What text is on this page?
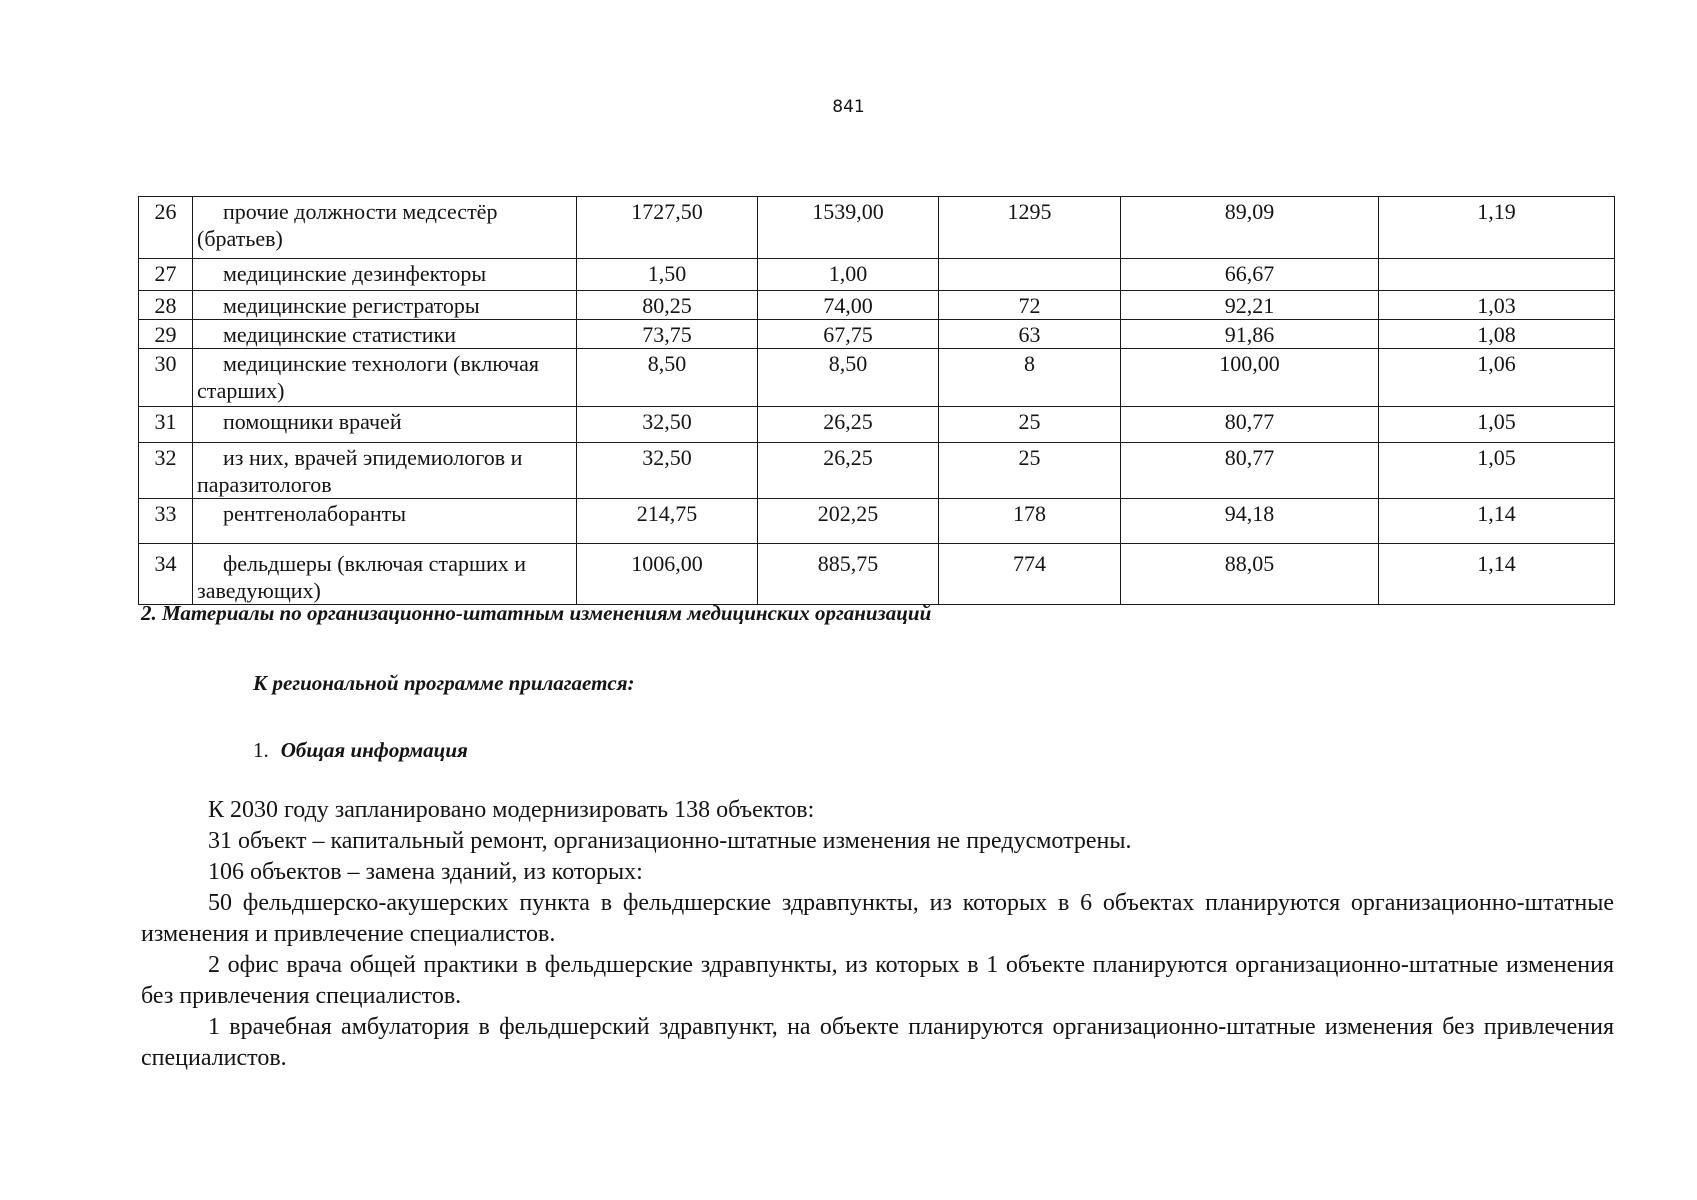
841
26	прочие должности медсестёр (братьев)	1727,50	1539,00	1295	89,09	1,19
27	медицинские дезинфекторы	1,50	1,00		66,67	
28	медицинские регистраторы	80,25	74,00	72	92,21	1,03
29	медицинские статистики	73,75	67,75	63	91,86	1,08
30	медицинские технологи (включая старших)	8,50	8,50	8	100,00	1,06
31	помощники врачей	32,50	26,25	25	80,77	1,05
32	из них, врачей эпидемиологов и паразитологов	32,50	26,25	25	80,77	1,05
33	рентгенолаборанты	214,75	202,25	178	94,18	1,14
34	фельдшеры (включая старших и заведующих)	1006,00	885,75	774	88,05	1,14
2. Материалы по организационно-штатным изменениям медицинских организаций
К региональной программе прилагается:
1. Общая информация

К 2030 году запланировано модернизировать 138 объектов:

31 объект – капитальный ремонт, организационно-штатные изменения не предусмотрены.

106 объектов – замена зданий, из которых:

50 фельдшерско-акушерских пункта в фельдшерские здравпункты, из которых в 6 объектах планируются организационно-штатные изменения и привлечение специалистов.

2 офис врача общей практики в фельдшерские здравпункты, из которых в 1 объекте планируются организационно-штатные изменения без привлечения специалистов.

1 врачебная амбулатория в фельдшерский здравпункт, на объекте планируются организационно-штатные изменения без привлечения специалистов.
